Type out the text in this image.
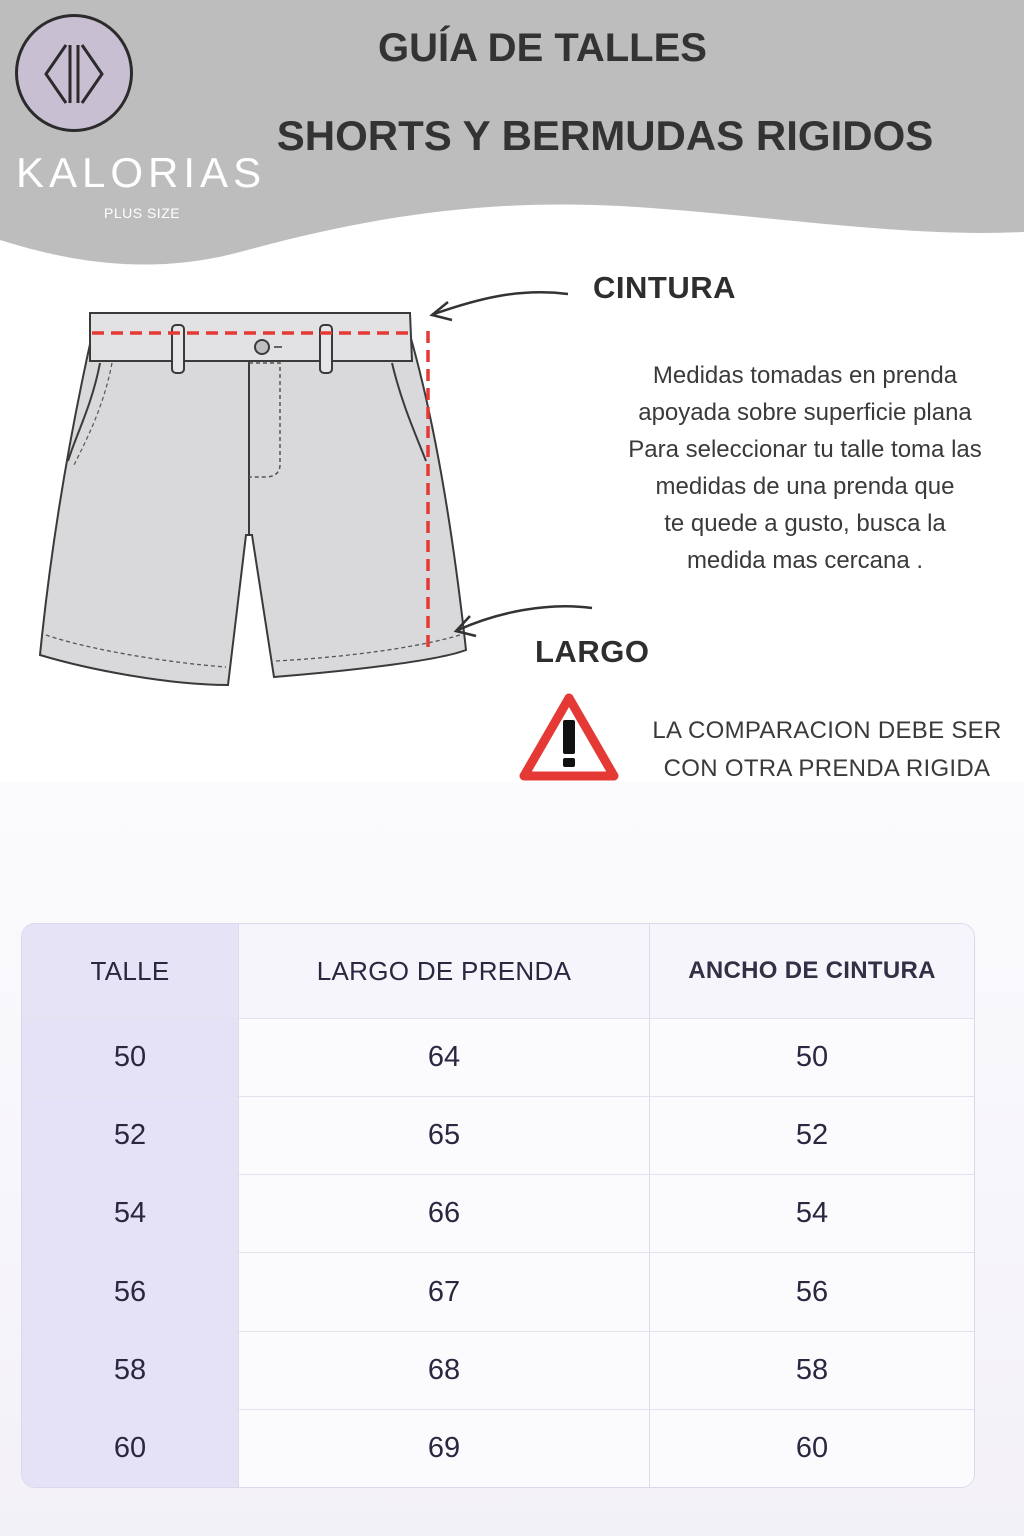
KALORIAS
PLUS SIZE
GUÍA DE TALLES
SHORTS Y BERMUDAS RIGIDOS
CINTURA
LARGO
Medidas tomadas en prenda
apoyada sobre superficie plana
Para seleccionar tu talle toma las
medidas de una prenda que
te quede a gusto, busca la
medida mas cercana .
LA COMPARACION DEBE SER
CON OTRA PRENDA RIGIDA
TALLE	LARGO DE PRENDA	ANCHO DE CINTURA
50	64	50
52	65	52
54	66	54
56	67	56
58	68	58
60	69	60
